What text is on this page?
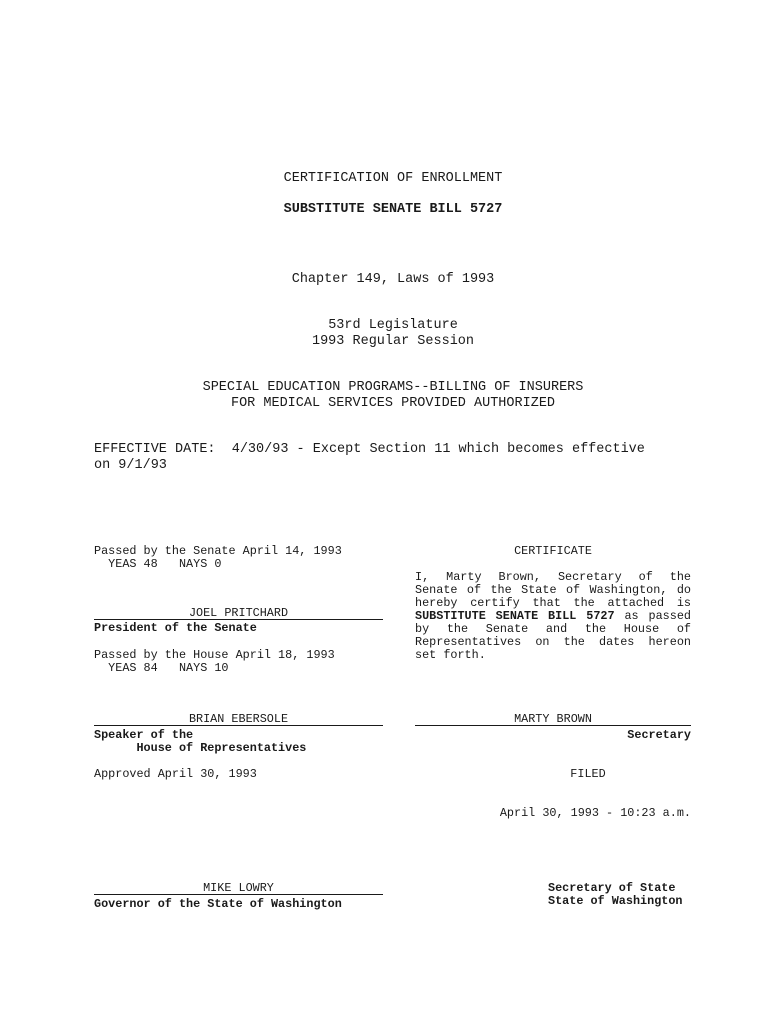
CERTIFICATION OF ENROLLMENT
SUBSTITUTE SENATE BILL 5727
Chapter 149, Laws of 1993
53rd Legislature
1993 Regular Session
SPECIAL EDUCATION PROGRAMS--BILLING OF INSURERS
FOR MEDICAL SERVICES PROVIDED AUTHORIZED
EFFECTIVE DATE:  4/30/93 - Except Section 11 which becomes effective
on 9/1/93
Passed by the Senate April 14, 1993
YEAS 48   NAYS 0
JOEL PRITCHARD
President of the Senate
Passed by the House April 18, 1993
YEAS 84   NAYS 10
BRIAN EBERSOLE
Speaker of the
House of Representatives
Approved April 30, 1993
MIKE LOWRY
Governor of the State of Washington
CERTIFICATE
I, Marty Brown, Secretary of the
Senate of the State of Washington, do
hereby certify that the attached is
SUBSTITUTE SENATE BILL 5727 as passed
by the Senate and the House of
Representatives on the dates hereon
set forth.
MARTY BROWN
Secretary
FILED
April 30, 1993 - 10:23 a.m.
Secretary of State
State of Washington
